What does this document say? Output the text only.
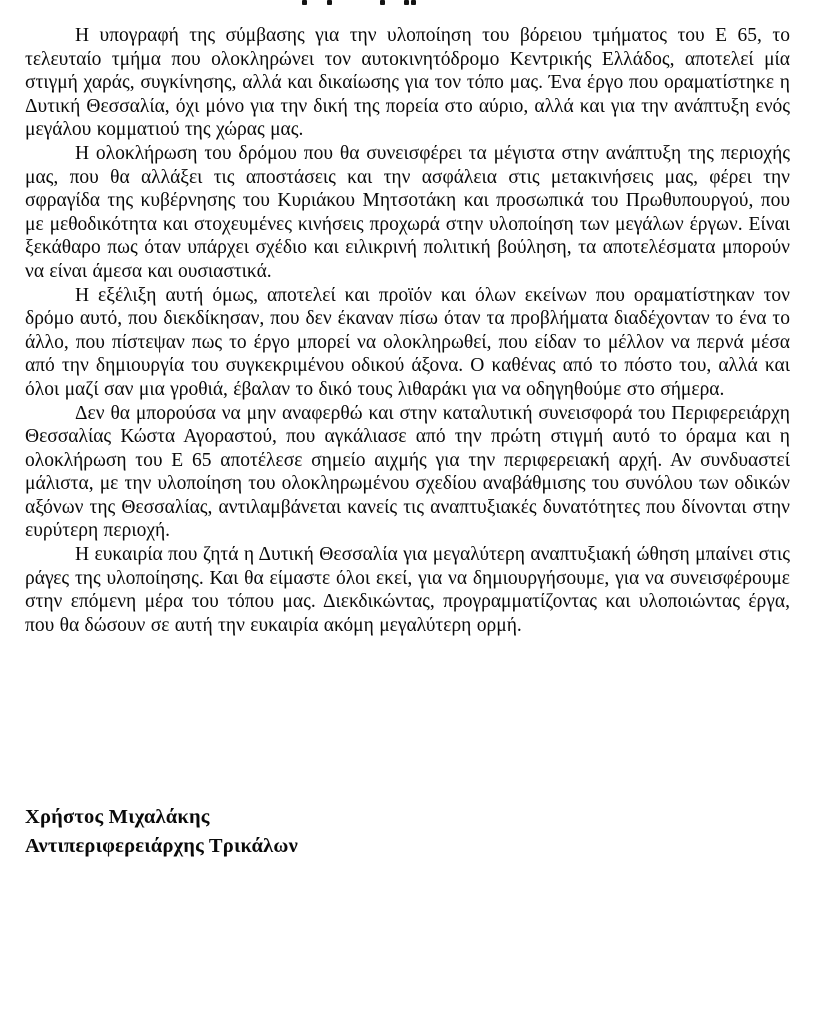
Η υπογραφή της σύμβασης για την υλοποίηση του βόρειου τμήματος του Ε 65, το τελευταίο τμήμα που ολοκληρώνει τον αυτοκινητόδρομο Κεντρικής Ελλάδος, αποτελεί μία στιγμή χαράς, συγκίνησης, αλλά και δικαίωσης για τον τόπο μας. Ένα έργο που οραματίστηκε η Δυτική Θεσσαλία, όχι μόνο για την δική της πορεία στο αύριο, αλλά και για την ανάπτυξη ενός μεγάλου κομματιού της χώρας μας.

Η ολοκλήρωση του δρόμου που θα συνεισφέρει τα μέγιστα στην ανάπτυξη της περιοχής μας, που θα αλλάξει τις αποστάσεις και την ασφάλεια στις μετακινήσεις μας, φέρει την σφραγίδα της κυβέρνησης του Κυριάκου Μητσοτάκη και προσωπικά του Πρωθυπουργού, που με μεθοδικότητα και στοχευμένες κινήσεις προχωρά στην υλοποίηση των μεγάλων έργων. Είναι ξεκάθαρο πως όταν υπάρχει σχέδιο και ειλικρινή πολιτική βούληση, τα αποτελέσματα μπορούν να είναι άμεσα και ουσιαστικά.

Η εξέλιξη αυτή όμως, αποτελεί και προϊόν και όλων εκείνων που οραματίστηκαν τον δρόμο αυτό, που διεκδίκησαν, που δεν έκαναν πίσω όταν τα προβλήματα διαδέχονταν το ένα το άλλο, που πίστεψαν πως το έργο μπορεί να ολοκληρωθεί, που είδαν το μέλλον να περνά μέσα από την δημιουργία του συγκεκριμένου οδικού άξονα. Ο καθένας από το πόστο του, αλλά και όλοι μαζί σαν μια γροθιά, έβαλαν το δικό τους λιθαράκι για να οδηγηθούμε στο σήμερα.

Δεν θα μπορούσα να μην αναφερθώ και στην καταλυτική συνεισφορά του Περιφερειάρχη Θεσσαλίας Κώστα Αγοραστού, που αγκάλιασε από την πρώτη στιγμή αυτό το όραμα και η ολοκλήρωση του Ε 65 αποτέλεσε σημείο αιχμής για την περιφερειακή αρχή. Αν συνδυαστεί μάλιστα, με την υλοποίηση του ολοκληρωμένου σχεδίου αναβάθμισης του συνόλου των οδικών αξόνων της Θεσσαλίας, αντιλαμβάνεται κανείς τις αναπτυξιακές δυνατότητες που δίνονται στην ευρύτερη περιοχή.

Η ευκαιρία που ζητά η Δυτική Θεσσαλία για μεγαλύτερη αναπτυξιακή ώθηση μπαίνει στις ράγες της υλοποίησης. Και θα είμαστε όλοι εκεί, για να δημιουργήσουμε, για να συνεισφέρουμε στην επόμενη μέρα του τόπου μας. Διεκδικώντας, προγραμματίζοντας και υλοποιώντας έργα, που θα δώσουν σε αυτή την ευκαιρία ακόμη μεγαλύτερη ορμή.

Χρήστος Μιχαλάκης

Αντιπεριφερειάρχης Τρικάλων
